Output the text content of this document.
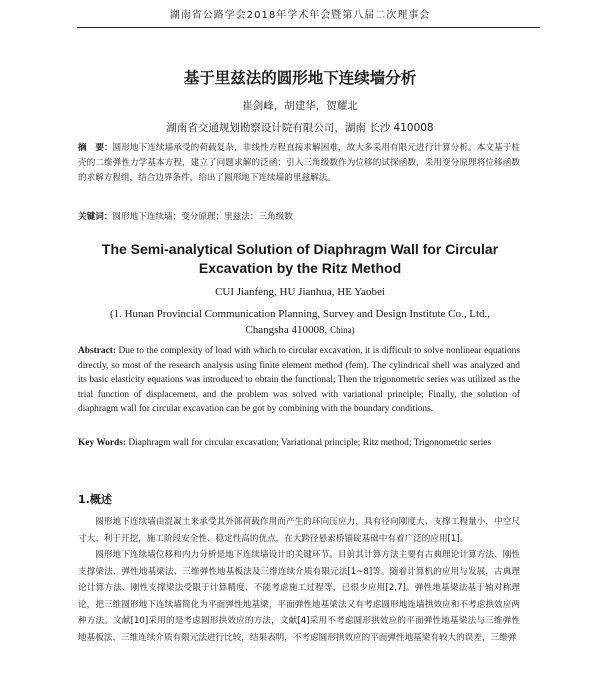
湖南省公路学会2018年学术年会暨第八届二次理事会
基于里兹法的圆形地下连续墙分析
崔剑峰，胡建华，贺耀北
湖南省交通规划勘察设计院有限公司，湖南 长沙 410008
摘　要：圆形地下连续墙承受的荷载复杂，非线性方程直接求解困难，故大多采用有限元进行计算分析。本文基于柱壳的二维弹性力学基本方程，建立了问题求解的泛函；引入三角级数作为位移的试探函数，采用变分原理将位移函数的求解方程组，结合边界条件，给出了圆形地下连续墙的里兹解法。
关键词：圆形地下连续墙；变分原理；里兹法；三角级数
The Semi-analytical Solution of Diaphragm Wall for Circular
Excavation by the Ritz Method
CUI Jianfeng, HU Jianhua, HE Yaobei
(1. Hunan Provincial Communication Planning, Survey and Design Institute Co., Ltd.,
Changsha 410008, China)
Abstract: Due to the complexity of load with which to circular excavation, it is difficult to solve nonlinear equations directly, so most of the research analysis using finite element method (fem). The cylindrical shell was analyzed and its basic elasticity equations was introduced to obtain the functional; Then the trigonometric series was utilized as the trial function of displacement, and the problem was solved with variational principle; Finally, the solution of diaphragm wall for circular excavation can be got by combining with the boundary conditions.
Key Words: Diaphragm wall for circular excavation; Variational principle; Ritz method; Trigonometric series
1.概述

圆形地下连续墙由混凝土来承受其外部荷载作用而产生的环向压应力，具有径向刚度大、支撑工程量小，中空尺寸大、利于开挖，施工阶段安全性、稳定性高的优点，在大跨径悬索桥锚碇基础中有着广泛的应用[1]。

圆形地下连续墙位移和内力分析是地下连续墙设计的关键环节。目前其计算方法主要有古典理论计算方法、刚性支撑梁法、弹性地基梁法、三维弹性地基板法及三维连续介质有限元法[1~8]等。随着计算机的应用与发展，古典理论计算方法、刚性支撑梁法受限于计算精度、不能考虑施工过程等，已很少应用[2,7]。弹性地基梁法基于轴对称理论，把三维圆形地下连续墙简化为平面弹性地基梁，平面弹性地基梁法又有考虑圆形地连墙拱效应和不考虑拱效应两种方法。文献[10]采用的是考虑圆形拱效应的方法，文献[4]采用不考虑圆形拱效应的平面弹性地基梁法与三维弹性地基板法、三维连续介质有限元法进行比较，结果表明，不考虑圆形拱效应的平面弹性地基梁有较大的误差，三维弹
